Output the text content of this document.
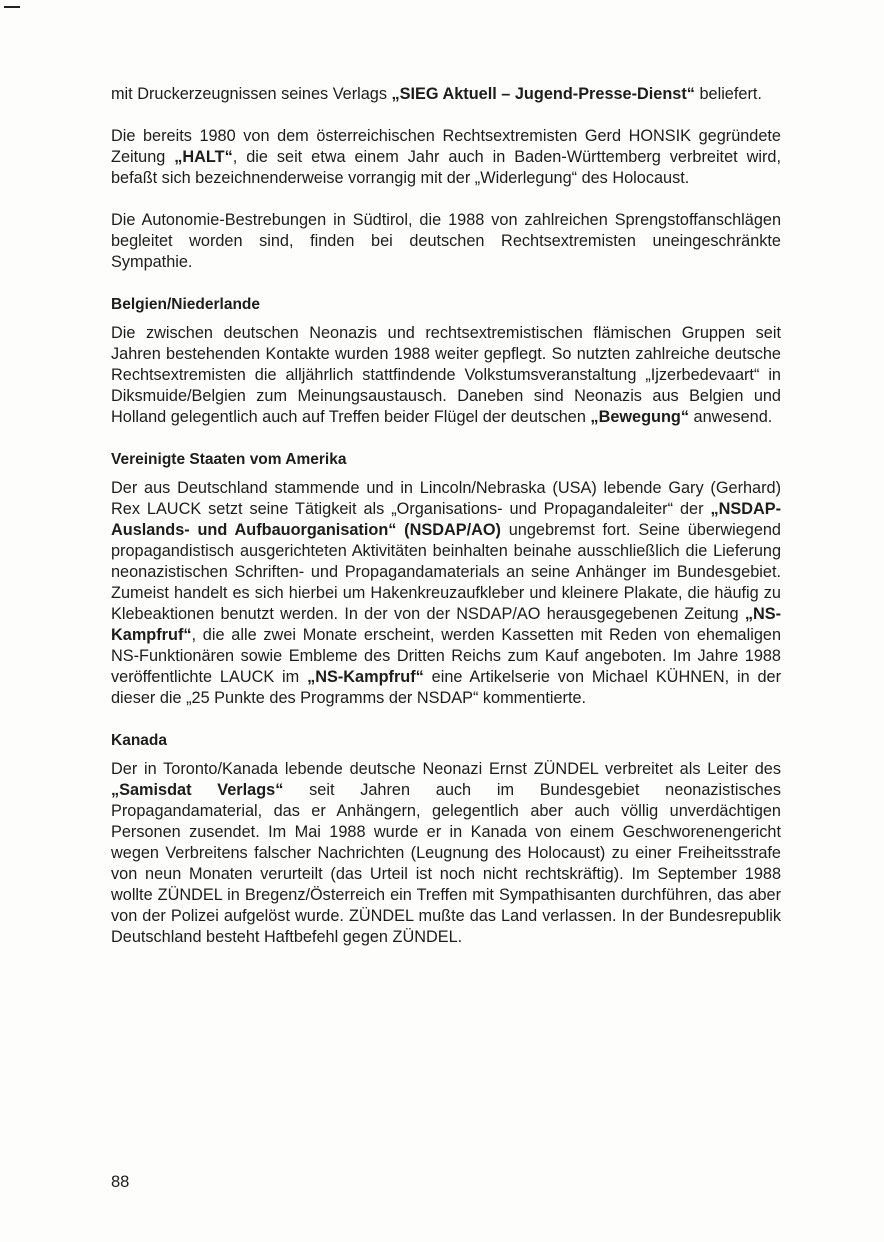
mit Druckerzeugnissen seines Verlags „SIEG Aktuell – Jugend-Presse-Dienst“ beliefert.

Die bereits 1980 von dem österreichischen Rechtsextremisten Gerd HONSIK gegründete Zeitung „HALT“, die seit etwa einem Jahr auch in Baden-Württemberg verbreitet wird, befaßt sich bezeichnenderweise vorrangig mit der „Widerlegung“ des Holocaust.

Die Autonomie-Bestrebungen in Südtirol, die 1988 von zahlreichen Sprengstoffanschlägen begleitet worden sind, finden bei deutschen Rechtsextremisten uneingeschränkte Sympathie.

Belgien/Niederlande

Die zwischen deutschen Neonazis und rechtsextremistischen flämischen Gruppen seit Jahren bestehenden Kontakte wurden 1988 weiter gepflegt. So nutzten zahlreiche deutsche Rechtsextremisten die alljährlich stattfindende Volkstumsveranstaltung „Ijzerbedevaart“ in Diksmuide/Belgien zum Meinungsaustausch. Daneben sind Neonazis aus Belgien und Holland gelegentlich auch auf Treffen beider Flügel der deutschen „Bewegung“ anwesend.

Vereinigte Staaten vom Amerika

Der aus Deutschland stammende und in Lincoln/Nebraska (USA) lebende Gary (Gerhard) Rex LAUCK setzt seine Tätigkeit als „Organisations- und Propagandaleiter“ der „NSDAP-Auslands- und Aufbauorganisation“ (NSDAP/AO) ungebremst fort. Seine überwiegend propagandistisch ausgerichteten Aktivitäten beinhalten beinahe ausschließlich die Lieferung neonazistischen Schriften- und Propagandamaterials an seine Anhänger im Bundesgebiet. Zumeist handelt es sich hierbei um Hakenkreuzaufkleber und kleinere Plakate, die häufig zu Klebeaktionen benutzt werden. In der von der NSDAP/AO herausgegebenen Zeitung „NS-Kampfruf“, die alle zwei Monate erscheint, werden Kassetten mit Reden von ehemaligen NS-Funktionären sowie Embleme des Dritten Reichs zum Kauf angeboten. Im Jahre 1988 veröffentlichte LAUCK im „NS-Kampfruf“ eine Artikelserie von Michael KÜHNEN, in der dieser die „25 Punkte des Programms der NSDAP“ kommentierte.

Kanada

Der in Toronto/Kanada lebende deutsche Neonazi Ernst ZÜNDEL verbreitet als Leiter des „Samisdat Verlags“ seit Jahren auch im Bundesgebiet neonazistisches Propagandamaterial, das er Anhängern, gelegentlich aber auch völlig unverdächtigen Personen zusendet. Im Mai 1988 wurde er in Kanada von einem Geschworenengericht wegen Verbreitens falscher Nachrichten (Leugnung des Holocaust) zu einer Freiheitsstrafe von neun Monaten verurteilt (das Urteil ist noch nicht rechtskräftig). Im September 1988 wollte ZÜNDEL in Bregenz/Österreich ein Treffen mit Sympathisanten durchführen, das aber von der Polizei aufgelöst wurde. ZÜNDEL mußte das Land verlassen. In der Bundesrepublik Deutschland besteht Haftbefehl gegen ZÜNDEL.

88
